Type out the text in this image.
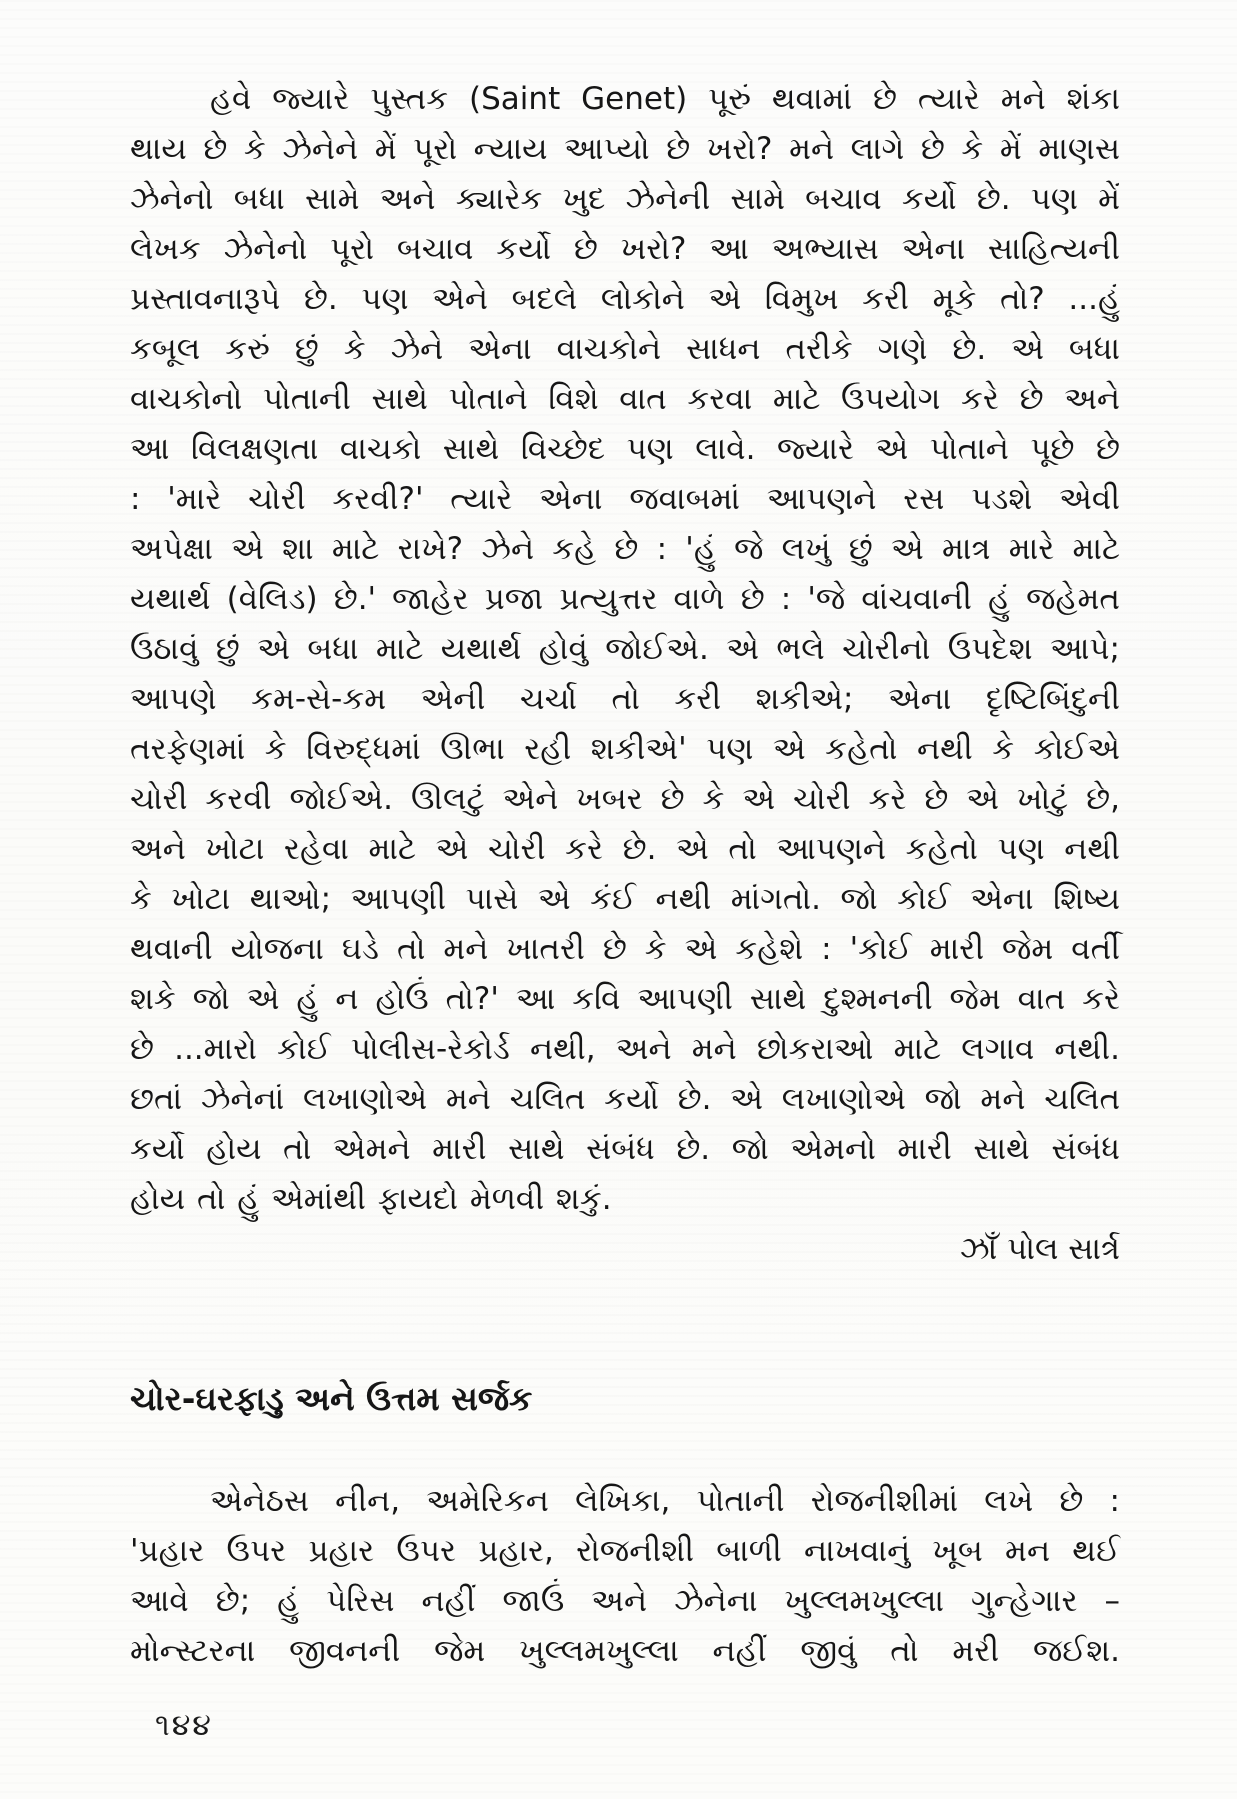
હવે જ્યારે પુસ્તક (Saint Genet) પૂરું થવામાં છે ત્યારે મને શંકા
થાય છે કે ઝેનેને મેં પૂરો ન્યાય આપ્યો છે ખરો? મને લાગે છે કે મેં માણસ
ઝેનેનો બધા સામે અને ક્યારેક ખુદ ઝેનેની સામે બચાવ કર્યો છે. પણ મેં
લેખક ઝેનેનો પૂરો બચાવ કર્યો છે ખરો? આ અભ્યાસ એના સાહિત્યની
પ્રસ્તાવનારૂપે છે. પણ એને બદલે લોકોને એ વિમુખ કરી મૂકે તો? ...હું
કબૂલ કરું છું કે ઝેને એના વાચકોને સાધન તરીકે ગણે છે. એ બધા
વાચકોનો પોતાની સાથે પોતાને વિશે વાત કરવા માટે ઉપયોગ કરે છે અને
આ વિલક્ષણતા વાચકો સાથે વિચ્છેદ પણ લાવે. જ્યારે એ પોતાને પૂછે છે
: 'મારે ચોરી કરવી?' ત્યારે એના જવાબમાં આપણને રસ પડશે એવી
અપેક્ષા એ શા માટે રાખે? ઝેને કહે છે : 'હું જે લખું છું એ માત્ર મારે માટે
યથાર્થ (વેલિડ) છે.' જાહેર પ્રજા પ્રત્યુત્તર વાળે છે : 'જે વાંચવાની હું જહેમત
ઉઠાવું છું એ બધા માટે યથાર્થ હોવું જોઈએ. એ ભલે ચોરીનો ઉપદેશ આપે;
આપણે કમ-સે-કમ એની ચર્ચા તો કરી શકીએ; એના દૃષ્ટિબિંદુની
તરફેણમાં કે વિરુદ્ધમાં ઊભા રહી શકીએ' પણ એ કહેતો નથી કે કોઈએ
ચોરી કરવી જોઈએ. ઊલટું એને ખબર છે કે એ ચોરી કરે છે એ ખોટું છે,
અને ખોટા રહેવા માટે એ ચોરી કરે છે. એ તો આપણને કહેતો પણ નથી
કે ખોટા થાઓ; આપણી પાસે એ કંઈ નથી માંગતો. જો કોઈ એના શિષ્ય
થવાની યોજના ઘડે તો મને ખાતરી છે કે એ કહેશે : 'કોઈ મારી જેમ વર્તી
શકે જો એ હું ન હોઉં તો?' આ કવિ આપણી સાથે દુશ્મનની જેમ વાત કરે
છે ...મારો કોઈ પોલીસ-રેકોર્ડ નથી, અને મને છોકરાઓ માટે લગાવ નથી.
છતાં ઝેનેનાં લખાણોએ મને ચલિત કર્યો છે. એ લખાણોએ જો મને ચલિત
કર્યો હોય તો એમને મારી સાથે સંબંધ છે. જો એમનો મારી સાથે સંબંધ
હોય તો હું એમાંથી ફાયદો મેળવી શકું.
ઝાઁ પોલ સાર્ત્ર
ચોર-ઘરફાડુ અને ઉત્તમ સર્જક
એનેઠસ નીન, અમેરિકન લેખિકા, પોતાની રોજનીશીમાં લખે છે :
'પ્રહાર ઉપર પ્રહાર ઉપર પ્રહાર, રોજનીશી બાળી નાખવાનું ખૂબ મન થઈ
આવે છે; હું પેરિસ નહીં જાઉં અને ઝેનેના ખુલ્લમખુલ્લા ગુન્હેગાર –
મોન્સ્ટરના જીવનની જેમ ખુલ્લમખુલ્લા નહીં જીવું તો મરી જઈશ.
૧૪૪
